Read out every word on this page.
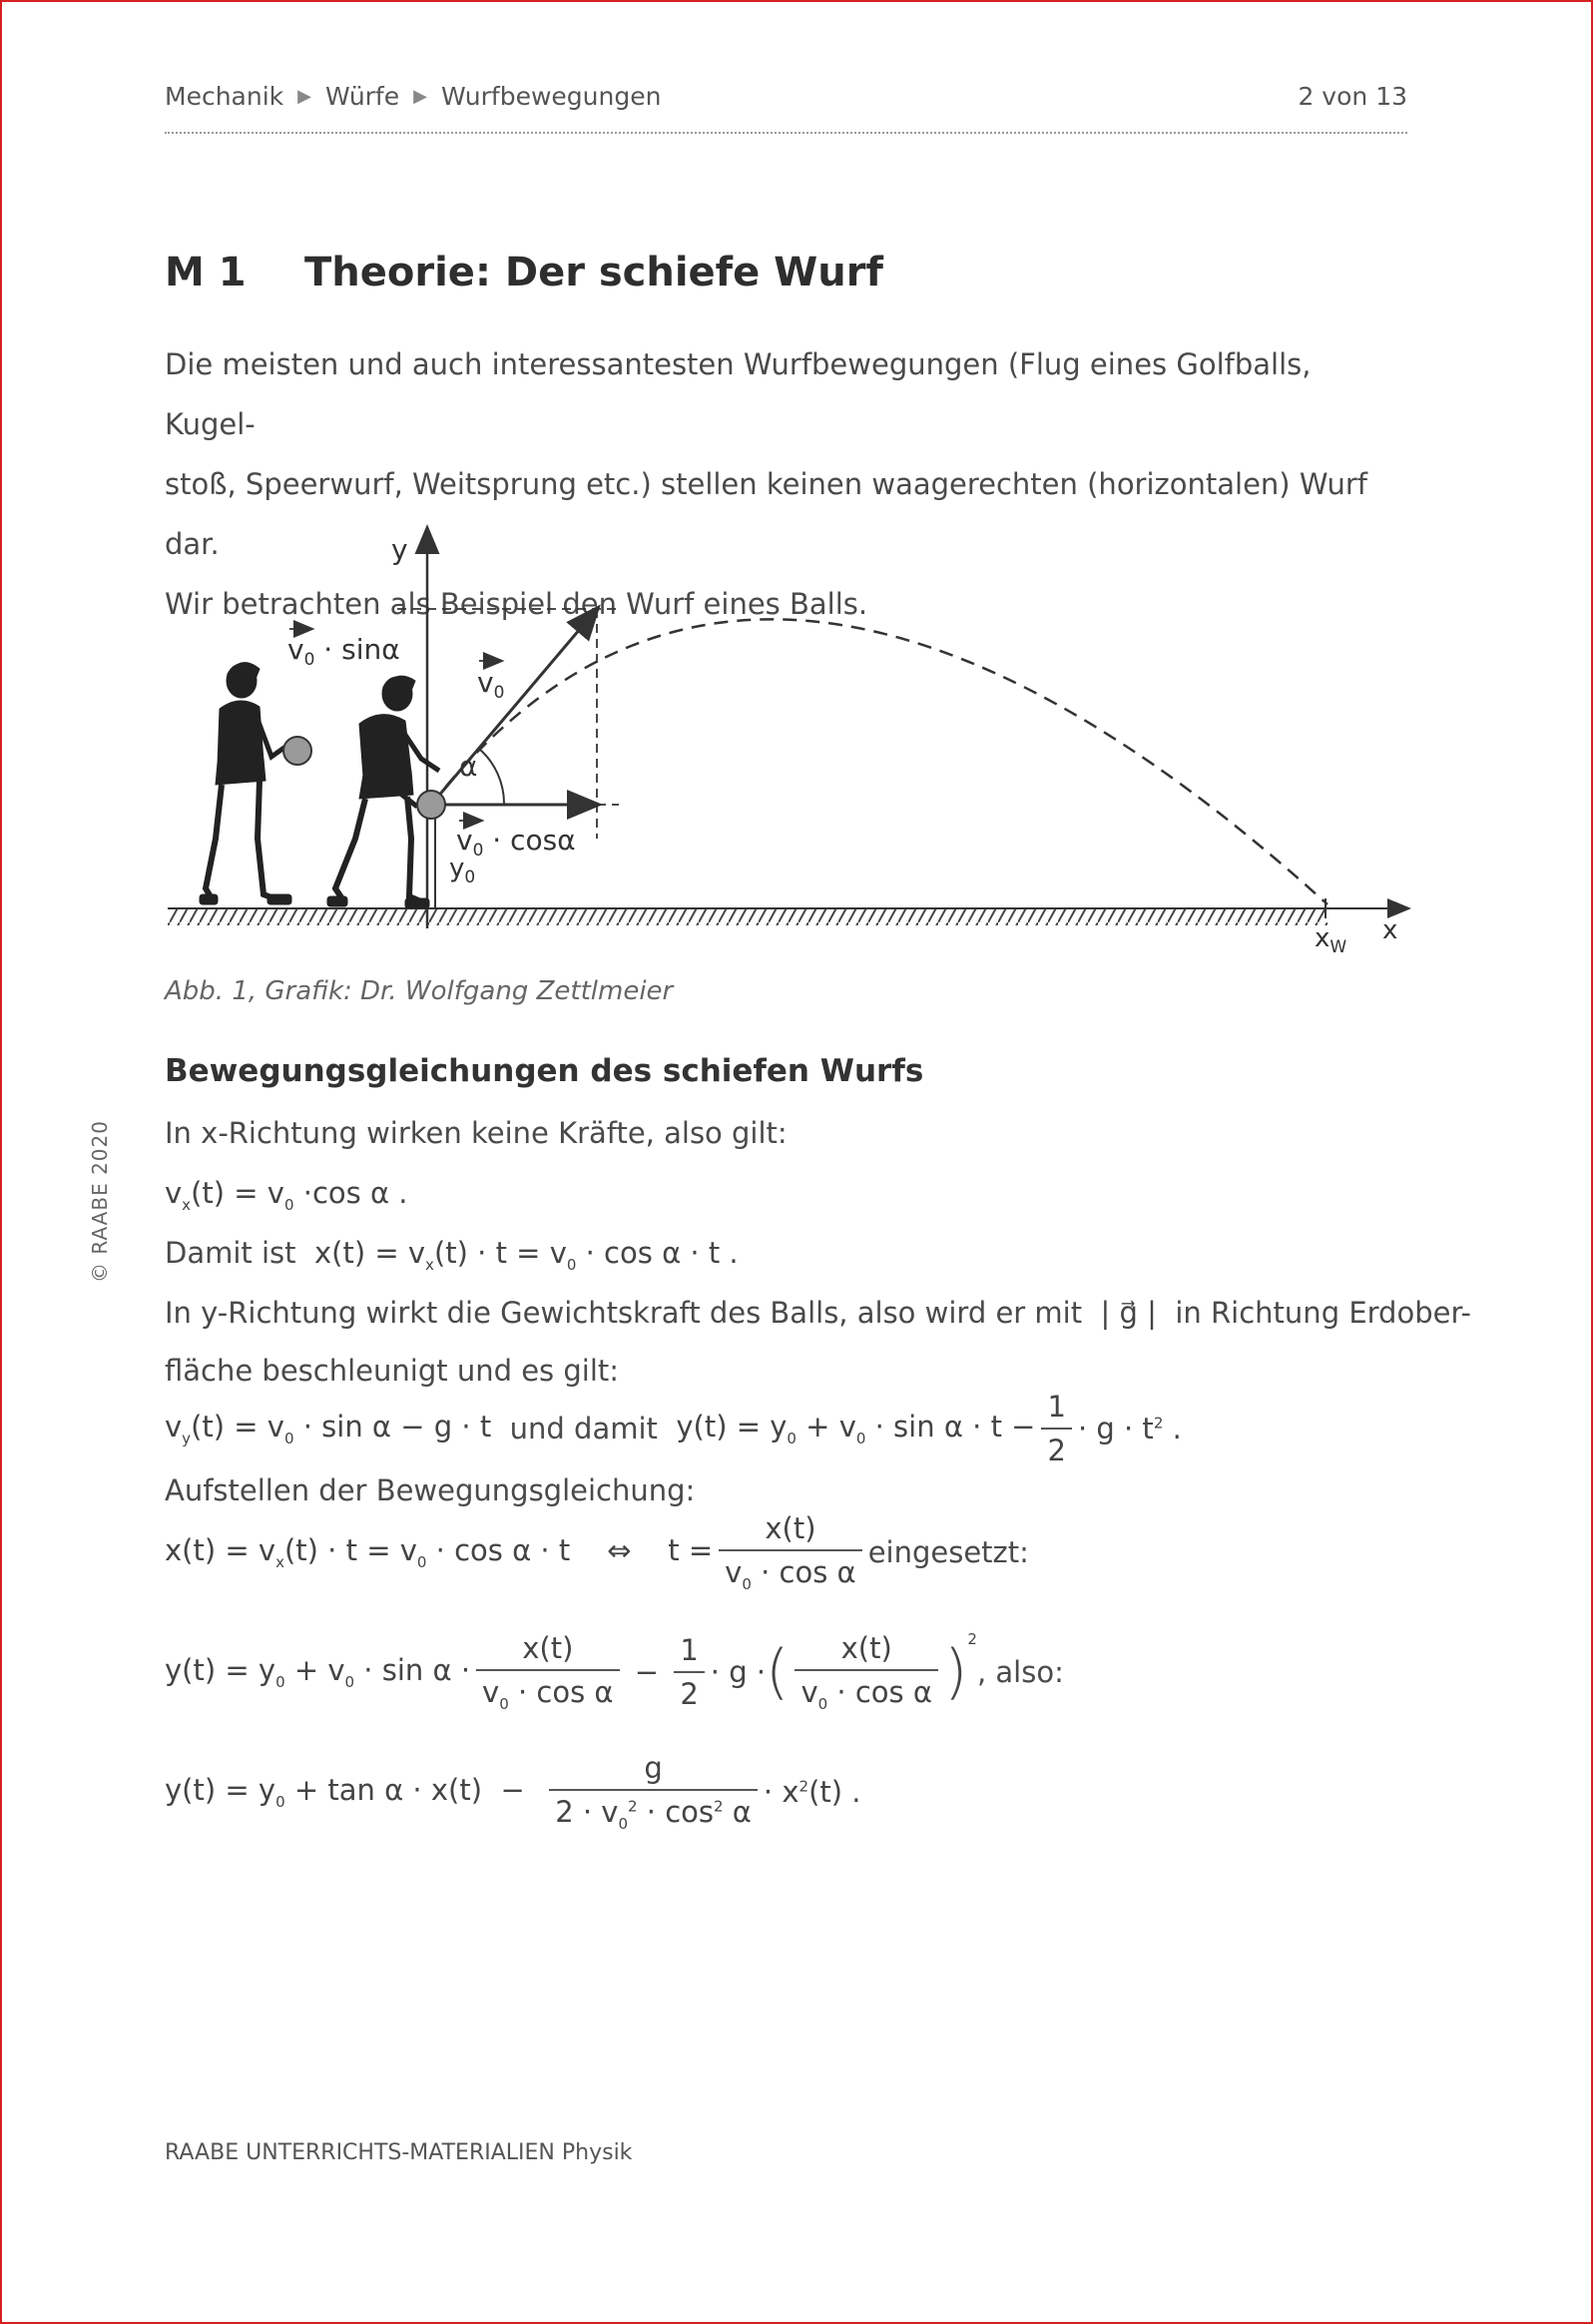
Mechanik ▶ Würfe ▶ Wurfbewegungen	2 von 13
© RAABE 2020
M 1 Theorie: Der schiefe Wurf
Die meisten und auch interessantesten Wurfbewegungen (Flug eines Golfballs, Kugel-
stoß, Speerwurf, Weitsprung etc.) stellen keinen waagerechten (horizontalen) Wurf dar.
Wir betrachten als Beispiel den Wurf eines Balls.
x
y
$y_0$
$x_W$
α
$v_0 \cdot \sin\alpha$
$v_0$
$v_0 \cdot \cos\alpha$
Abb. 1, Grafik: Dr. Wolfgang Zettlmeier
Bewegungsgleichungen des schiefen Wurfs
In x-Richtung wirken keine Kräfte, also gilt:
$v_x(t) = v_0 \cdot\cos$ α .
Damit ist  $x(t) = v_x(t) \cdot t = v_0 \cdot \cos \alpha \cdot t$ .
In y-Richtung wirkt die Gewichtskraft des Balls, also wird er mit  | g⃗ |  in Richtung Erdober-
fläche beschleunigt und es gilt:
$v_y(t) = v_0 \cdot \sin \alpha - g \cdot t$ und damit $y(t) = y_0 + v_0 \cdot \sin \alpha \cdot t - \frac{1}{2} \cdot g \cdot t^2$ .
Aufstellen der Bewegungsgleichung:
$x(t) = v_x(t) \cdot t = v_0 \cdot \cos \alpha \cdot t$    ⇔    $t = \frac{x(t)}{v_0 \cdot \cos \alpha}$ eingesetzt:
$y(t) = y_0 + v_0 \cdot \sin \alpha \cdot \frac{x(t)}{v_0 \cdot \cos \alpha} - \frac{1}{2} \cdot g$ · ( $\frac{x(t)}{v_0 \cdot \cos \alpha}$ ) 2
, also:
$y(t) = y_0 + \tan \alpha \cdot x(t) - \frac{g}{2 \cdot v_0^2 \cdot \cos^2 \alpha} \cdot x^2(t)$ .
RAABE UNTERRICHTS-MATERIALIEN Physik
